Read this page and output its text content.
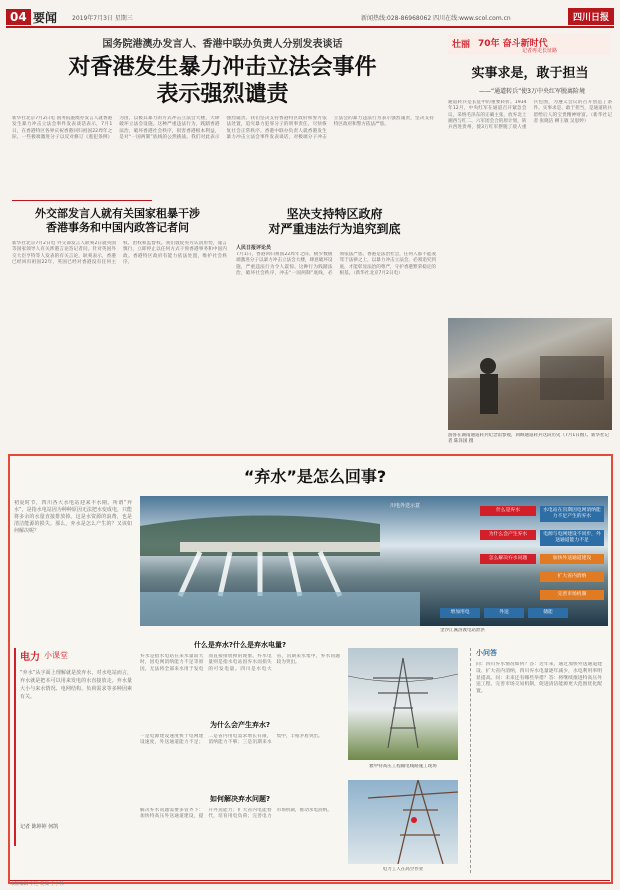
04 要闻 2019年7月3日 星期三	新闻热线:028-86968062 四川在线:www.scol.com.cn	四川日报
国务院港澳办发言人、香港中联办负责人分别发表谈话
对香港发生暴力冲击立法会事件
表示强烈谴责
新华社北京7月2日电 国务院港澳办发言人就香港发生暴力冲击立法会事件发表谈话表示，7月1日，在香港特区各界庆祝香港回归祖国22周年之际，一些极端激进分子以反对修订《逃犯条例》为由，以极其暴力的方式冲击立法会大楼，大肆破坏立法会设施。这种严重违法行为，践踏香港法治，破坏香港社会秩序，损害香港根本利益，是对“一国两制”底线的公然挑战。我们对此表示强烈谴责。我们坚决支持香港特区政府和警方依法处置，追究暴力犯罪分子的刑事责任，尽快恢复社会正常秩序。香港中联办负责人就香港发生暴力冲击立法会事件发表谈话，对极端分子冲击立法会的暴力违法行为表示强烈谴责，坚决支持特区政府和警方依法严惩。
外交部发言人就有关国家租暴干涉
香港事务和中国内政答记者问
新华社北京7月2日电 外交部发言人耿爽2日就英国等国家领导人有关涉港言论答记者问。针对英国外交大臣亨特等人发表的有关言论，耿爽表示，香港已经回归祖国22年，英国已经对香港没有任何主权、治权和监督权。我们敦促英方认清形势，谨言慎行，立即停止以任何方式干预香港事务和中国内政。香港特区政府有能力依法处置，维护社会秩序。
坚决支持特区政府
对严重违法行为追究到底
人民日报评论员
7月1日，香港回归祖国22周年之际，极少数极端激进分子以暴力冲击立法会大楼，肆意破坏设施，严重违法行为令人震惊。这种行为践踏法治，破坏社会秩序，冲击“一国两制”底线，必须依法严惩。香港是法治社会，任何人都不能凌驾于法律之上，以暴力冲击立法会，必须追究到底，才能彰显法治的尊严，守护香港繁荣稳定的根基。（新华社北京7月2日电）
壮丽 70年 奋斗新时代
记者再走长征路
实事求是，敢于担当
——“通道转兵”使3万中央红军脱离险境
通道转兵是长征中的重要转折。1934年12月，中央红军在通道召开紧急会议，采纳毛泽东的正确主张，放弃北上湘西与红二、六军团会合的原计划，转兵西进贵州，使3万红军摆脱了敌人重兵包围，为遵义会议的召开创造了条件。实事求是、敢于担当，是通道转兵留给后人的宝贵精神财富。（新华社记者 张晓洁 柳王敏 吴思婷）
游客在湖南通道转兵纪念馆参观，回顾通道转兵这段历史（7月1日摄）。新华社记者 陈泽国 摄
“弃水”是怎么回事?
初夏时节，四川各大水电站迎来丰水期。所谓“弃水”，是指水电站因为种种原因无法把水变成电，只能将多余的水量直接排放掉。这是水资源的浪费，也是清洁能源的损失。那么，弃水是怎么产生的？又该如何解决呢？
川电外送示意
什么是弃水	水电站在汛期因电网消纳能力不足产生的弃水
为什么会产生弃水	电源与电网建设不同步，外送通道能力不足
怎么解决弃水问题	加快外送通道建设
扩大省内消纳
完善市场机制
增加用电	外送	储能
金沙江溪洛渡电站泄洪
什么是弃水?什么是弃水电量?
弃水是指水电站在来水量较大时，因电网消纳能力不足等原因，无法将全部来水用于发电而直接排放掉的现象。弃水电量则是指水电站因弃水而损失的可发电量。四川是水电大省，汛期来水集中，弃水问题较为突出。
为什么会产生弃水?
一是电源建设速度快于电网建设速度，外送通道能力不足；二是省内用电需求增长有限，消纳能力不够；三是汛期来水集中，丰枯矛盾突出。
如何解决弃水问题?
解决弃水问题需要多管齐下：加快特高压外送通道建设，提升外送能力；扩大省内电能替代，培育用电负荷；完善电力市场机制，推动水电消纳。
雅中特高压工程输电线路施工现场
电力工人在高空作业
电力 小课堂
“弃水”从字面上理解就是放弃水，对水电站而言，弃水就是把本可以用来发电的水直接放走。弃水量大小与来水情况、电网结构、负荷需求等多种因素有关。
记者 陈婷婷 何凯
小问答
问：四川弃水情况如何？答：近年来，通过加快外送通道建设、扩大省内消纳，四川弃水电量逐年减少，水电利用率明显提高。问：未来还有哪些举措？答：将继续推进特高压外送工程，完善市场交易机制，促进清洁能源更大范围优化配置。
本版编辑 李艳 美编 王小林
